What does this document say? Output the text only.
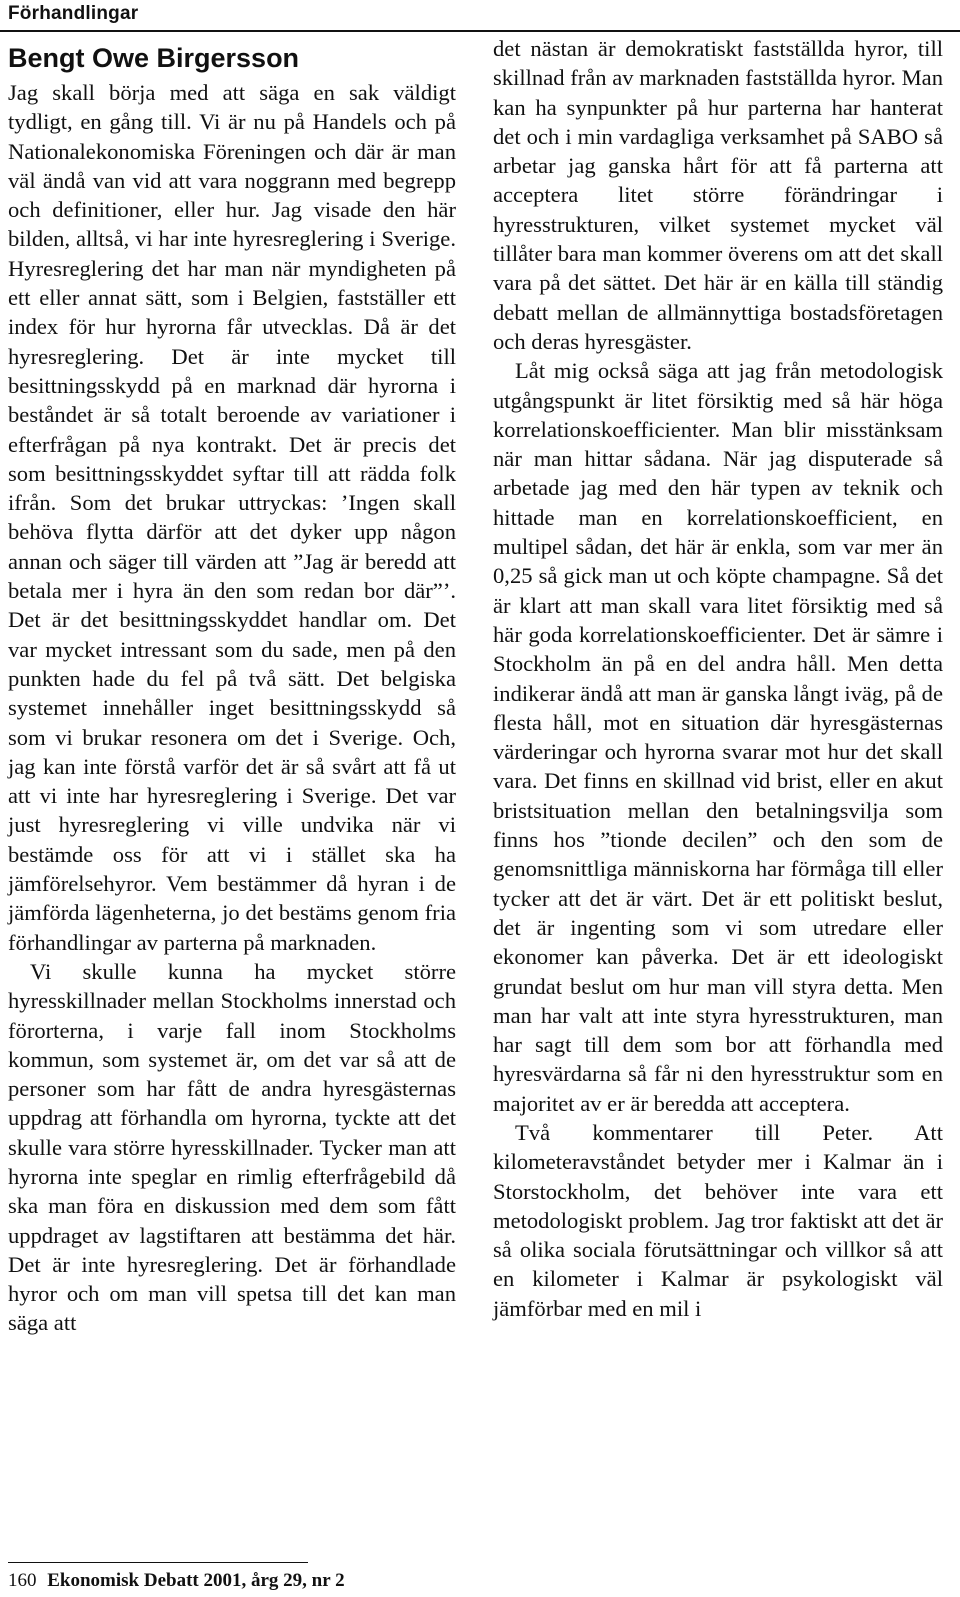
Förhandlingar
Bengt Owe Birgersson

Jag skall börja med att säga en sak väldigt tydligt, en gång till. Vi är nu på Handels och på Nationalekonomiska Föreningen och där är man väl ändå van vid att vara noggrann med begrepp och definitioner, eller hur. Jag visade den här bilden, alltså, vi har inte hyresreglering i Sverige. Hyresreglering det har man när myndigheten på ett eller annat sätt, som i Belgien, fastställer ett index för hur hyrorna får utvecklas. Då är det hyresreglering. Det är inte mycket till besittningsskydd på en marknad där hyrorna i beståndet är så totalt beroende av variationer i efterfrågan på nya kontrakt. Det är precis det som besittningsskyddet syftar till att rädda folk ifrån. Som det brukar uttryckas: ’Ingen skall behöva flytta därför att det dyker upp någon annan och säger till värden att ”Jag är beredd att betala mer i hyra än den som redan bor där”’. Det är det besittningsskyddet handlar om. Det var mycket intressant som du sade, men på den punkten hade du fel på två sätt. Det belgiska systemet innehåller inget besittningsskydd så som vi brukar resonera om det i Sverige. Och, jag kan inte förstå varför det är så svårt att få ut att vi inte har hyresreglering i Sverige. Det var just hyresreglering vi ville undvika när vi bestämde oss för att vi i stället ska ha jämförelsehyror. Vem bestämmer då hyran i de jämförda lägenheterna, jo det bestäms genom fria förhandlingar av parterna på marknaden.

Vi skulle kunna ha mycket större hyresskillnader mellan Stockholms innerstad och förorterna, i varje fall inom Stockholms kommun, som systemet är, om det var så att de personer som har fått de andra hyresgästernas uppdrag att förhandla om hyrorna, tyckte att det skulle vara större hyresskillnader. Tycker man att hyrorna inte speglar en rimlig efterfrågebild då ska man föra en diskussion med dem som fått uppdraget av lagstiftaren att bestämma det här. Det är inte hyresreglering. Det är förhandlade hyror och om man vill spetsa till det kan man säga att

det nästan är demokratiskt fastställda hyror, till skillnad från av marknaden fastställda hyror. Man kan ha synpunkter på hur parterna har hanterat det och i min vardagliga verksamhet på SABO så arbetar jag ganska hårt för att få parterna att acceptera litet större förändringar i hyresstrukturen, vilket systemet mycket väl tillåter bara man kommer överens om att det skall vara på det sättet. Det här är en källa till ständig debatt mellan de allmännyttiga bostadsföretagen och deras hyresgäster.

Låt mig också säga att jag från metodologisk utgångspunkt är litet försiktig med så här höga korrelationskoefficienter. Man blir misstänksam när man hittar sådana. När jag disputerade så arbetade jag med den här typen av teknik och hittade man en korrelationskoefficient, en multipel sådan, det här är enkla, som var mer än 0,25 så gick man ut och köpte champagne. Så det är klart att man skall vara litet försiktig med så här goda korrelationskoefficienter. Det är sämre i Stockholm än på en del andra håll. Men detta indikerar ändå att man är ganska långt iväg, på de flesta håll, mot en situation där hyresgästernas värderingar och hyrorna svarar mot hur det skall vara. Det finns en skillnad vid brist, eller en akut bristsituation mellan den betalningsvilja som finns hos ”tionde decilen” och den som de genomsnittliga människorna har förmåga till eller tycker att det är värt. Det är ett politiskt beslut, det är ingenting som vi som utredare eller ekonomer kan påverka. Det är ett ideologiskt grundat beslut om hur man vill styra detta. Men man har valt att inte styra hyresstrukturen, man har sagt till dem som bor att förhandla med hyresvärdarna så får ni den hyresstruktur som en majoritet av er är beredda att acceptera.

Två kommentarer till Peter. Att kilometeravståndet betyder mer i Kalmar än i Storstockholm, det behöver inte vara ett metodologiskt problem. Jag tror faktiskt att det är så olika sociala förutsättningar och villkor så att en kilometer i Kalmar är psykologiskt väl jämförbar med en mil i

160 Ekonomisk Debatt 2001, årg 29, nr 2
